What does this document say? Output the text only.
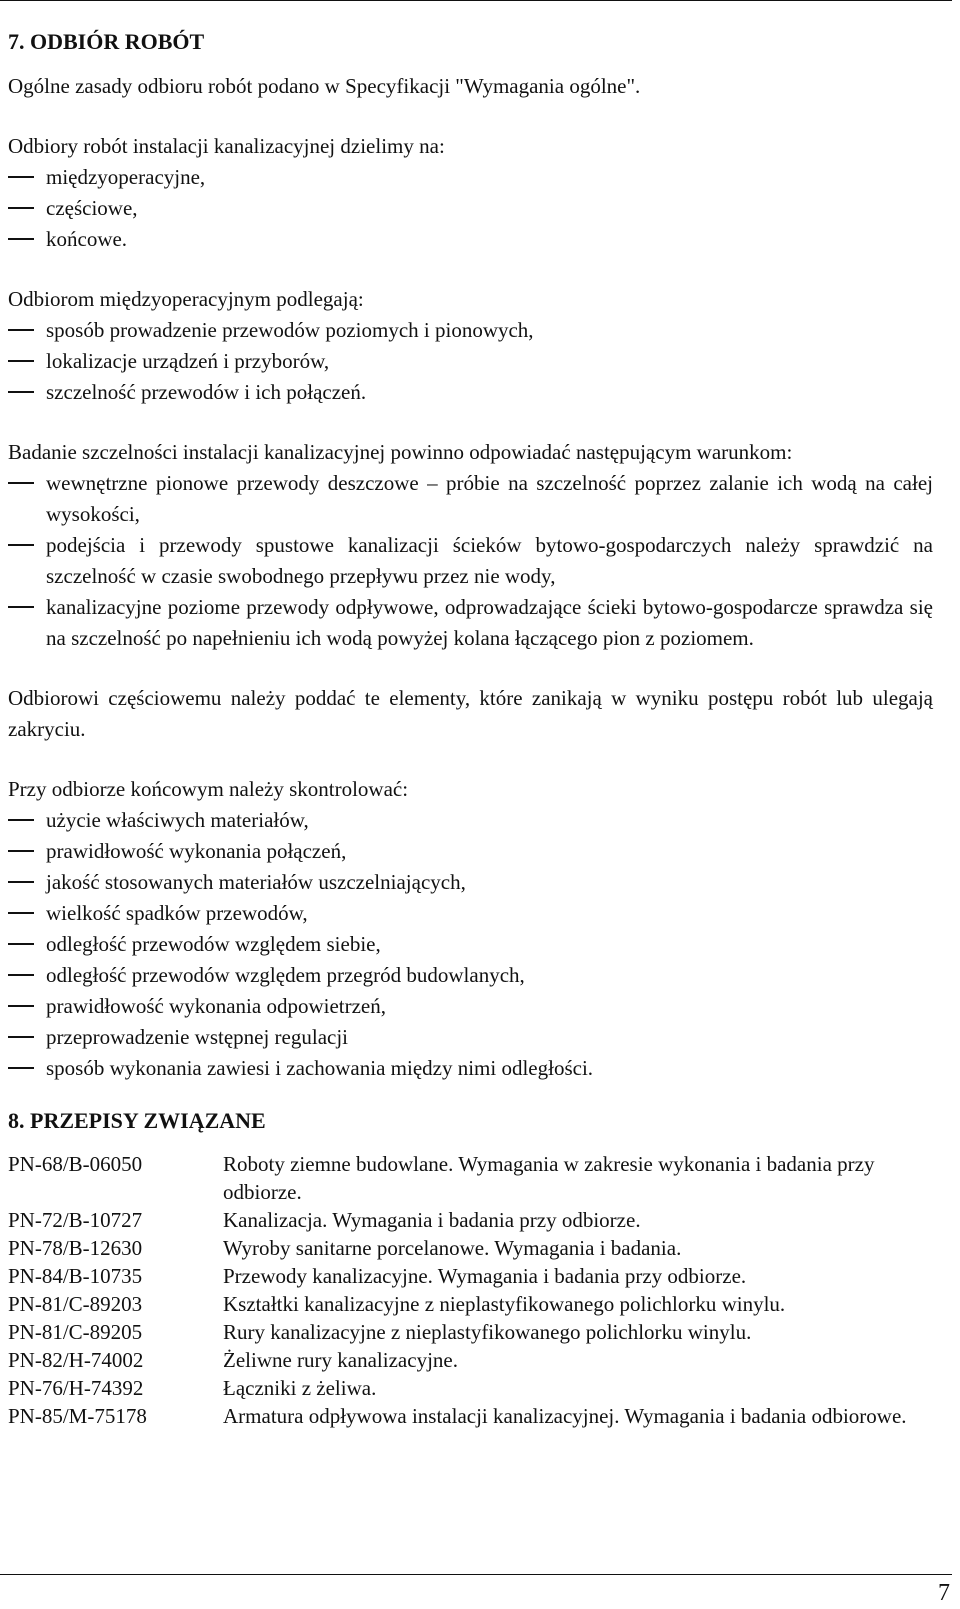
7. ODBIÓR ROBÓT

Ogólne zasady odbioru robót podano w Specyfikacji "Wymagania ogólne".

Odbiory robót instalacji kanalizacyjnej dzielimy na:

międzyoperacyjne,
częściowe,
końcowe.

Odbiorom międzyoperacyjnym podlegają:

sposób prowadzenie przewodów poziomych i pionowych,
lokalizacje urządzeń i przyborów,
szczelność przewodów i ich połączeń.

Badanie szczelności instalacji kanalizacyjnej powinno odpowiadać następującym warunkom:

wewnętrzne pionowe przewody deszczowe – próbie na szczelność poprzez zalanie ich wodą na całej wysokości,
podejścia i przewody spustowe kanalizacji ścieków bytowo-gospodarczych należy sprawdzić na szczelność w czasie swobodnego przepływu przez nie wody,
kanalizacyjne poziome przewody odpływowe, odprowadzające ścieki bytowo-gospodarcze sprawdza się na szczelność po napełnieniu ich wodą powyżej kolana łączącego pion z poziomem.

Odbiorowi częściowemu należy poddać te elementy, które zanikają w wyniku postępu robót lub ulegają zakryciu.

Przy odbiorze końcowym należy skontrolować:

użycie właściwych materiałów,
prawidłowość wykonania połączeń,
jakość stosowanych materiałów uszczelniających,
wielkość spadków przewodów,
odległość przewodów względem siebie,
odległość przewodów względem przegród budowlanych,
prawidłowość wykonania odpowietrzeń,
przeprowadzenie wstępnej regulacji
sposób wykonania zawiesi i zachowania między nimi odległości.
8. PRZEPISY ZWIĄZANE
PN-68/B-06050	Roboty ziemne budowlane. Wymagania w zakresie wykonania i badania przy odbiorze.
PN-72/B-10727	Kanalizacja. Wymagania i badania przy odbiorze.
PN-78/B-12630	Wyroby sanitarne porcelanowe. Wymagania i badania.
PN-84/B-10735	Przewody kanalizacyjne. Wymagania i badania przy odbiorze.
PN-81/C-89203	Kształtki kanalizacyjne z nieplastyfikowanego polichlorku winylu.
PN-81/C-89205	Rury kanalizacyjne z nieplastyfikowanego polichlorku winylu.
PN-82/H-74002	Żeliwne rury kanalizacyjne.
PN-76/H-74392	Łączniki z żeliwa.
PN-85/M-75178	Armatura odpływowa instalacji kanalizacyjnej. Wymagania i badania odbiorowe.
7
